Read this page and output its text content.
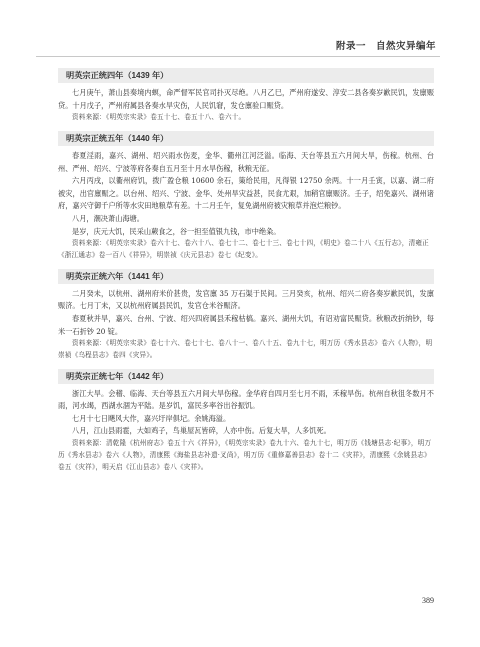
附录一　自然灾异编年
明英宗正统四年（1439 年）

七月庚午，萧山县奏境内螟，命严督军民官司扑灭尽绝。八月乙巳，严州府遂安、淳安二县各奏岁歉民饥，发廪赈贷。十月戊子，严州府属县各奏水旱灾伤，人民饥窘，发仓廪验口赈贷。

资料来源：《明英宗实录》卷五十七、卷五十八、卷六十。

明英宗正统五年（1440 年）

春夏淫雨，嘉兴、湖州、绍兴雨水伤麦，金华、衢州江河泛溢。临海、天台等县五六月间大旱，伤稼。杭州、台州、严州、绍兴、宁波等府各奏自五月至十月水旱伤稼，秋粮无征。

六月丙戌，以衢州府饥，拨广盈仓粮 10600 余石，策给民用，凡得银 12750 余两。十一月壬寅，以嘉、湖二府被灾，出官廪赈之。以台州、绍兴、宁波、金华、处州旱灾益甚，民食尤艰，加稍官廪赈济。壬子，绍免嘉兴、湖州诸府，嘉兴守御千户所等水灾田地粮草有差。十二月壬午，复免湖州府被灾粮草并泡烂粮钞。

八月，潮决萧山海塘。

是岁，庆元大饥，民采山蕨食之，谷一担至值银九钱，市中绝粂。

资料来源：《明英宗实录》卷六十七、卷六十八、卷七十二、卷七十三、卷七十四，《明史》卷二十八《五行志》，清雍正《浙江通志》卷一百八《祥异》，明崇祯《庆元县志》卷七《纪变》。

明英宗正统六年（1441 年）

二月癸未，以杭州、湖州府米价甚贵，发官廪 35 万石渠于民间。三月癸亥，杭州、绍兴二府各奏岁歉民饥，发廪赈济。七月丁未，又以杭州府属县民饥，发官仓米谷赈济。

春夏秋并旱，嘉兴、台州、宁波、绍兴四府属县禾稼枯槁。嘉兴、湖州大饥，有诏劝富民赈贷。秋粮改折纳钞，每米一石折钞 20 锭。

资料来源：《明英宗实录》卷七十六、卷七十七、卷八十一、卷八十五、卷九十七，明万历《秀水县志》卷六《人物》，明崇祯《乌程县志》卷四《灾异》。

明英宗正统七年（1442 年）

浙江大旱。会稽、临海、天台等县五六月间大旱伤稼。金华府自四月至七月不雨，禾稼旱伤。杭州自秋徂冬数月不雨，河水竭，西湖水涸为平陆。是岁饥，富民多率谷出谷振饥。

七月十七日飓风大作，嘉兴圩岸俱圮。余姚海溢。

八月，江山县雨雹，大如鸡子，鸟巢屋瓦皆碎，人亦中伤。后复大旱，人多饥死。

资料来源：清乾隆《杭州府志》卷五十六《祥异》，《明英宗实录》卷九十六、卷九十七，明万历《钱塘县志·纪事》，明万历《秀水县志》卷六《人物》，清康熙《海盐县志补遗·叉尚》，明万历《重修嘉善县志》卷十二《灾祥》，清康熙《余姚县志》卷五《灾祥》，明天启《江山县志》卷八《灾祥》。

389
